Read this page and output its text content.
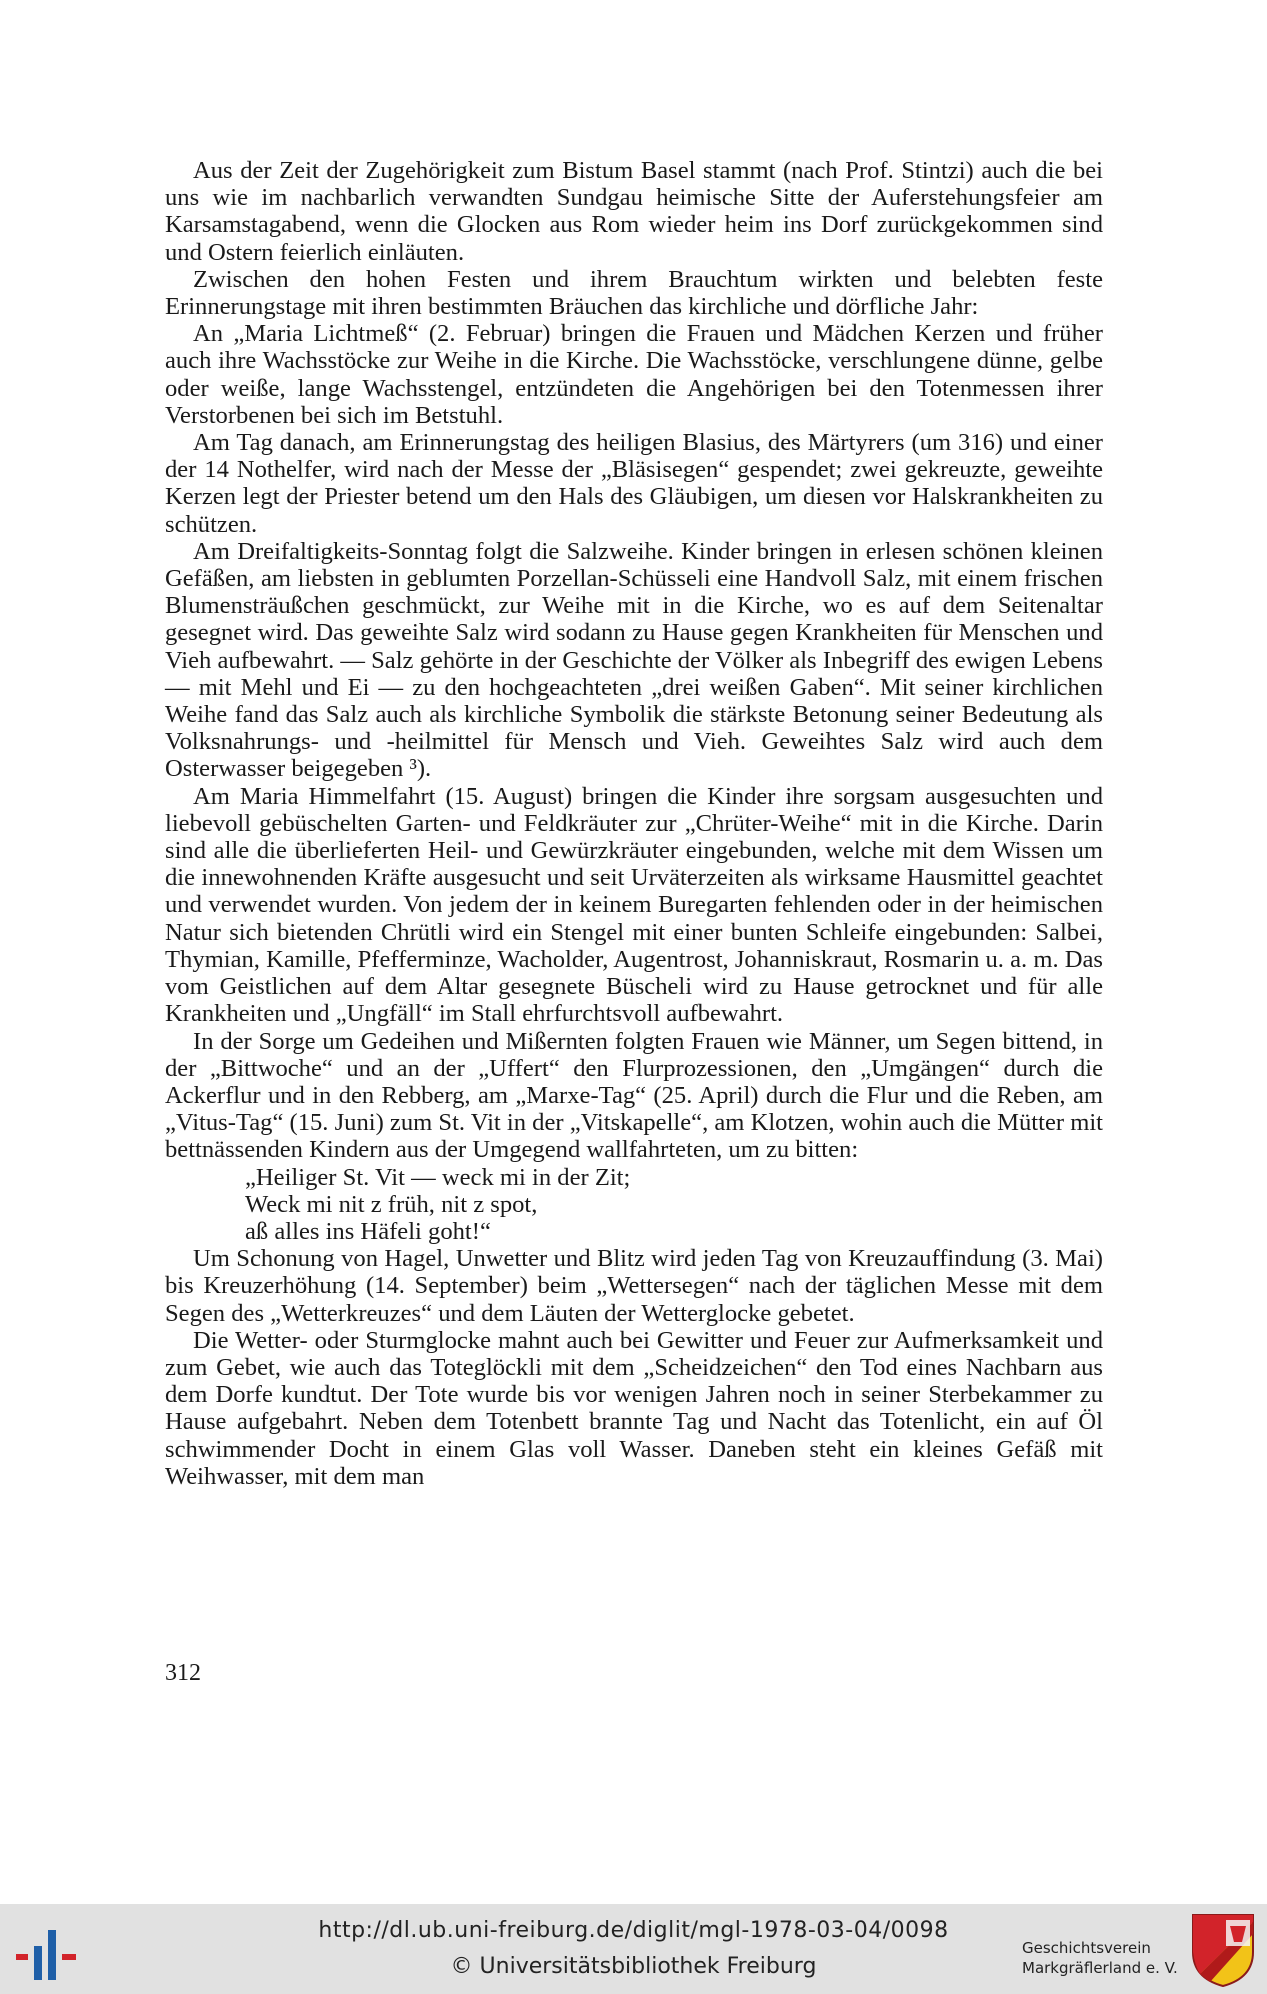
Aus der Zeit der Zugehörigkeit zum Bistum Basel stammt (nach Prof. Stintzi) auch die bei uns wie im nachbarlich verwandten Sundgau heimische Sitte der Auferstehungsfeier am Karsamstagabend, wenn die Glocken aus Rom wieder heim ins Dorf zurückgekommen sind und Ostern feierlich einläuten.

Zwischen den hohen Festen und ihrem Brauchtum wirkten und belebten feste Erinnerungstage mit ihren bestimmten Bräuchen das kirchliche und dörfliche Jahr:

An „Maria Lichtmeß“ (2. Februar) bringen die Frauen und Mädchen Kerzen und früher auch ihre Wachsstöcke zur Weihe in die Kirche. Die Wachsstöcke, verschlungene dünne, gelbe oder weiße, lange Wachsstengel, entzündeten die Angehörigen bei den Totenmessen ihrer Verstorbenen bei sich im Betstuhl.

Am Tag danach, am Erinnerungstag des heiligen Blasius, des Märtyrers (um 316) und einer der 14 Nothelfer, wird nach der Messe der „Bläsisegen“ gespendet; zwei gekreuzte, geweihte Kerzen legt der Priester betend um den Hals des Gläubigen, um diesen vor Halskrankheiten zu schützen.

Am Dreifaltigkeits-Sonntag folgt die Salzweihe. Kinder bringen in erlesen schönen kleinen Gefäßen, am liebsten in geblumten Porzellan-Schüsseli eine Handvoll Salz, mit einem frischen Blumensträußchen geschmückt, zur Weihe mit in die Kirche, wo es auf dem Seitenaltar gesegnet wird. Das geweihte Salz wird sodann zu Hause gegen Krankheiten für Menschen und Vieh aufbewahrt. — Salz gehörte in der Geschichte der Völker als Inbegriff des ewigen Lebens — mit Mehl und Ei — zu den hochgeachteten „drei weißen Gaben“. Mit seiner kirchlichen Weihe fand das Salz auch als kirchliche Symbolik die stärkste Betonung seiner Bedeutung als Volksnahrungs- und -heilmittel für Mensch und Vieh. Geweihtes Salz wird auch dem Osterwasser beigegeben ³).

Am Maria Himmelfahrt (15. August) bringen die Kinder ihre sorgsam ausgesuchten und liebevoll gebüschelten Garten- und Feldkräuter zur „Chrüter-Weihe“ mit in die Kirche. Darin sind alle die überlieferten Heil- und Gewürzkräuter eingebunden, welche mit dem Wissen um die innewohnenden Kräfte ausgesucht und seit Urväterzeiten als wirksame Hausmittel geachtet und verwendet wurden. Von jedem der in keinem Buregarten fehlenden oder in der heimischen Natur sich bietenden Chrütli wird ein Stengel mit einer bunten Schleife eingebunden: Salbei, Thymian, Kamille, Pfefferminze, Wacholder, Augentrost, Johanniskraut, Rosmarin u. a. m. Das vom Geistlichen auf dem Altar gesegnete Büscheli wird zu Hause getrocknet und für alle Krankheiten und „Ungfäll“ im Stall ehrfurchtsvoll aufbewahrt.

In der Sorge um Gedeihen und Mißernten folgten Frauen wie Männer, um Segen bittend, in der „Bittwoche“ und an der „Uffert“ den Flurprozessionen, den „Umgängen“ durch die Ackerflur und in den Rebberg, am „Marxe-Tag“ (25. April) durch die Flur und die Reben, am „Vitus-Tag“ (15. Juni) zum St. Vit in der „Vitskapelle“, am Klotzen, wohin auch die Mütter mit bettnässenden Kindern aus der Umgegend wallfahrteten, um zu bitten:

„Heiliger St. Vit — weck mi in der Zit;
Weck mi nit z früh, nit z spot,
aß alles ins Häfeli goht!“

Um Schonung von Hagel, Unwetter und Blitz wird jeden Tag von Kreuzauffindung (3. Mai) bis Kreuzerhöhung (14. September) beim „Wettersegen“ nach der täglichen Messe mit dem Segen des „Wetterkreuzes“ und dem Läuten der Wetterglocke gebetet.

Die Wetter- oder Sturmglocke mahnt auch bei Gewitter und Feuer zur Aufmerksamkeit und zum Gebet, wie auch das Toteglöckli mit dem „Scheidzeichen“ den Tod eines Nachbarn aus dem Dorfe kundtut. Der Tote wurde bis vor wenigen Jahren noch in seiner Sterbekammer zu Hause aufgebahrt. Neben dem Totenbett brannte Tag und Nacht das Totenlicht, ein auf Öl schwimmender Docht in einem Glas voll Wasser. Daneben steht ein kleines Gefäß mit Weihwasser, mit dem man

312
http://dl.ub.uni-freiburg.de/diglit/mgl-1978-03-04/0098
© Universitätsbibliothek Freiburg
Geschichtsverein
Markgräflerland e. V.
